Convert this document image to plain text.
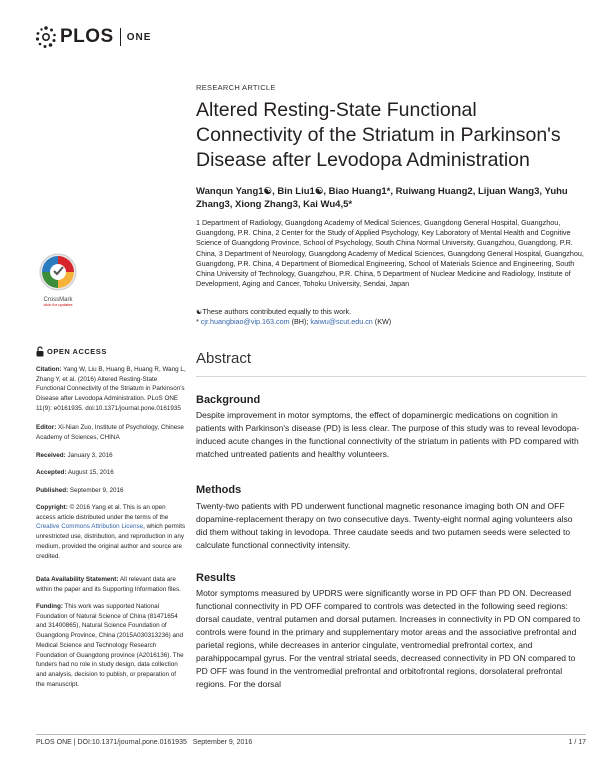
PLOS ONE
CrossMark
click for updates
RESEARCH ARTICLE
Altered Resting-State Functional Connectivity of the Striatum in Parkinson's Disease after Levodopa Administration
Wanqun Yang1☯, Bin Liu1☯, Biao Huang1*, Ruiwang Huang2, Lijuan Wang3, Yuhu Zhang3, Xiong Zhang3, Kai Wu4,5*
1 Department of Radiology, Guangdong Academy of Medical Sciences, Guangdong General Hospital, Guangzhou, Guangdong, P.R. China, 2 Center for the Study of Applied Psychology, Key Laboratory of Mental Health and Cognitive Science of Guangdong Province, School of Psychology, South China Normal University, Guangzhou, Guangdong, P.R. China, 3 Department of Neurology, Guangdong Academy of Medical Sciences, Guangdong General Hospital, Guangzhou, Guangdong, P.R. China, 4 Department of Biomedical Engineering, School of Materials Science and Engineering, South China University of Technology, Guangzhou, P.R. China, 5 Department of Nuclear Medicine and Radiology, Institute of Development, Aging and Cancer, Tohoku University, Sendai, Japan
☯These authors contributed equally to this work.
* cjr.huangbiao@vip.163.com (BH); kaiwu@scut.edu.cn (KW)
Abstract
Background
Despite improvement in motor symptoms, the effect of dopaminergic medications on cognition in patients with Parkinson's disease (PD) is less clear. The purpose of this study was to reveal levodopa-induced acute changes in the functional connectivity of the striatum in patients with PD compared with matched untreated patients and healthy volunteers.
Methods
Twenty-two patients with PD underwent functional magnetic resonance imaging both ON and OFF dopamine-replacement therapy on two consecutive days. Twenty-eight normal aging volunteers also did them without taking in levodopa. Three caudate seeds and two putamen seeds were selected to calculate functional connectivity intensity.
Results
Motor symptoms measured by UPDRS were significantly worse in PD OFF than PD ON. Decreased functional connectivity in PD OFF compared to controls was detected in the following seed regions: dorsal caudate, ventral putamen and dorsal putamen. Increases in connectivity in PD ON compared to controls were found in the primary and supplementary motor areas and the associative prefrontal and parietal regions, while decreases in anterior cingulate, ventromedial prefrontal cortex, and parahippocampal gyrus. For the ventral striatal seeds, decreased connectivity in PD ON compared to PD OFF was found in the ventromedial prefrontal and orbitofrontal regions, dorsolateral prefrontal regions. For the dorsal
OPEN ACCESS
Citation: Yang W, Liu B, Huang B, Huang R, Wang L, Zhang Y, et al. (2016) Altered Resting-State Functional Connectivity of the Striatum in Parkinson's Disease after Levodopa Administration. PLoS ONE 11(9): e0161935. doi:10.1371/journal.pone.0161935
Editor: Xi-Nian Zuo, Institute of Psychology, Chinese Academy of Sciences, CHINA
Received: January 3, 2016
Accepted: August 15, 2016
Published: September 9, 2016
Copyright: © 2016 Yang et al. This is an open access article distributed under the terms of the Creative Commons Attribution License, which permits unrestricted use, distribution, and reproduction in any medium, provided the original author and source are credited.
Data Availability Statement: All relevant data are within the paper and its Supporting Information files.
Funding: This work was supported National Foundation of Natural Science of China (81471654 and 31400865), Natural Science Foundation of Guangdong Province, China (2015A030313236) and Medical Science and Technology Research Foundation of Guangdong province (A2016136). The funders had no role in study design, data collection and analysis, decision to publish, or preparation of the manuscript.
PLOS ONE | DOI:10.1371/journal.pone.0161935   September 9, 2016	1 / 17
